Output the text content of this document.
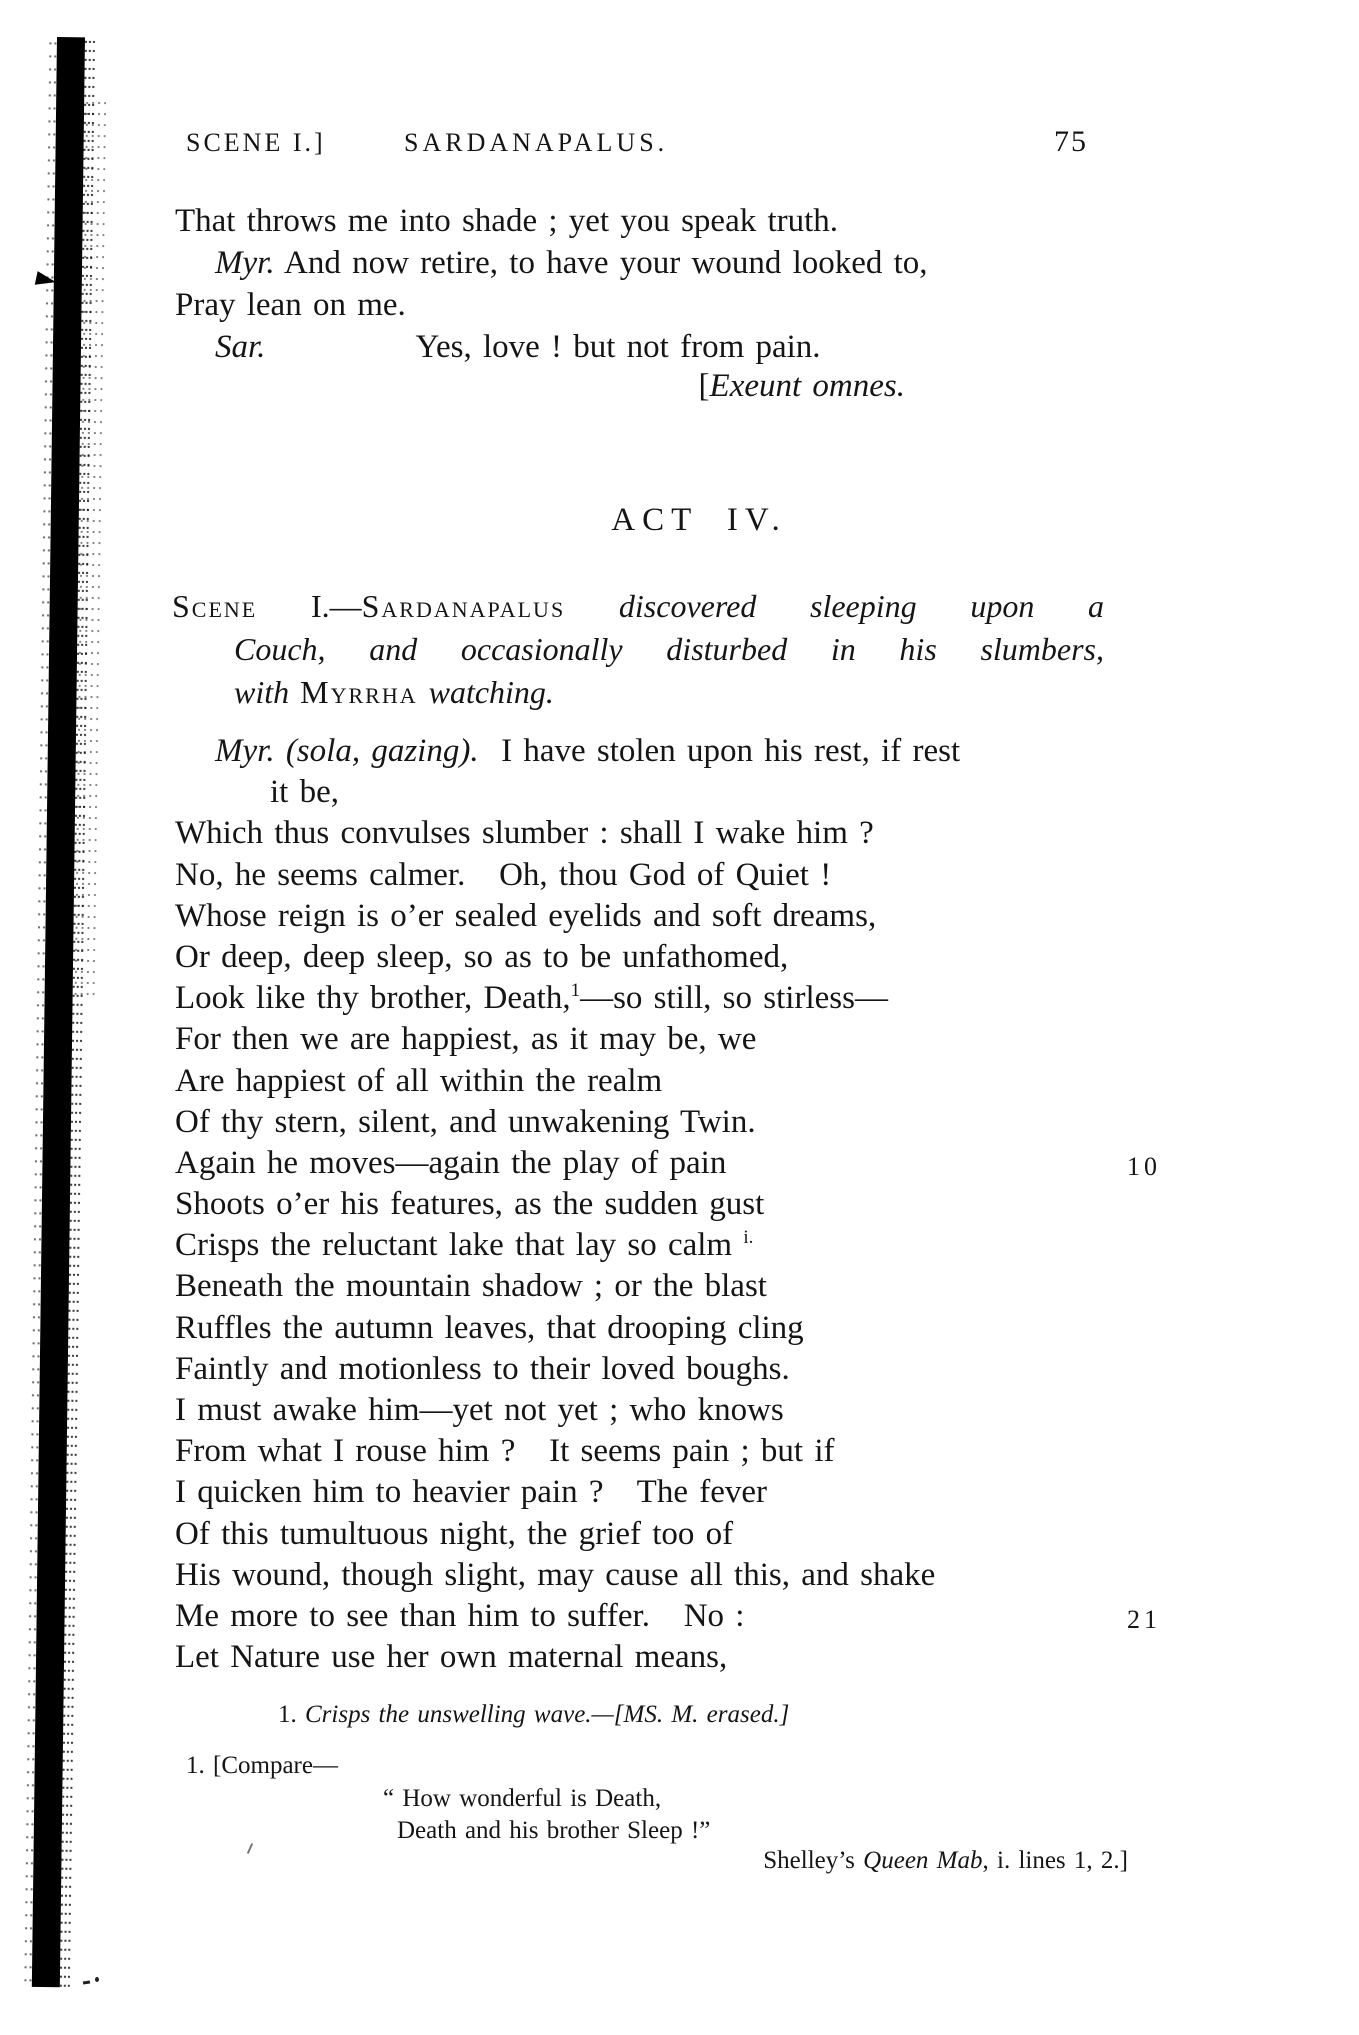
SCENE I.]	SARDANAPALUS.	75
ACT IV.
That throws me into shade ; yet you speak truth.
Myr. And now retire, to have your wound looked to,
Pray lean on me.
Sar.	Yes, love ! but not from pain.
[Exeunt omnes.
Scene I.—Sardanapalus discovered sleeping upon a
Couch, and occasionally disturbed in his slumbers,
with Myrrha watching.
Myr. (sola, gazing).  I have stolen upon his rest, if rest
it be,
Which thus convulses slumber : shall I wake him ?
No, he seems calmer.   Oh, thou God of Quiet !
Whose reign is o’er sealed eyelids and soft dreams,
Or deep, deep sleep, so as to be unfathomed,
Look like thy brother, Death,$^1$—so still, so stirless—
For then we are happiest, as it may be, we
Are happiest of all within the realm
Of thy stern, silent, and unwakening Twin.
Again he moves—again the play of pain	10
Shoots o’er his features, as the sudden gust
Crisps the reluctant lake that lay so calm $^{i.}$
Beneath the mountain shadow ; or the blast
Ruffles the autumn leaves, that drooping cling
Faintly and motionless to their loved boughs.
I must awake him—yet not yet ; who knows
From what I rouse him ?   It seems pain ; but if
I quicken him to heavier pain ?   The fever
Of this tumultuous night, the grief too of
His wound, though slight, may cause all this, and shake
Me more to see than him to suffer.   No :	21
Let Nature use her own maternal means,
1. Crisps the unswelling wave.—[MS. M. erased.]
1. [Compare—
“ How wonderful is Death,
Death and his brother Sleep !”
Shelley’s Queen Mab, i. lines 1, 2.]
